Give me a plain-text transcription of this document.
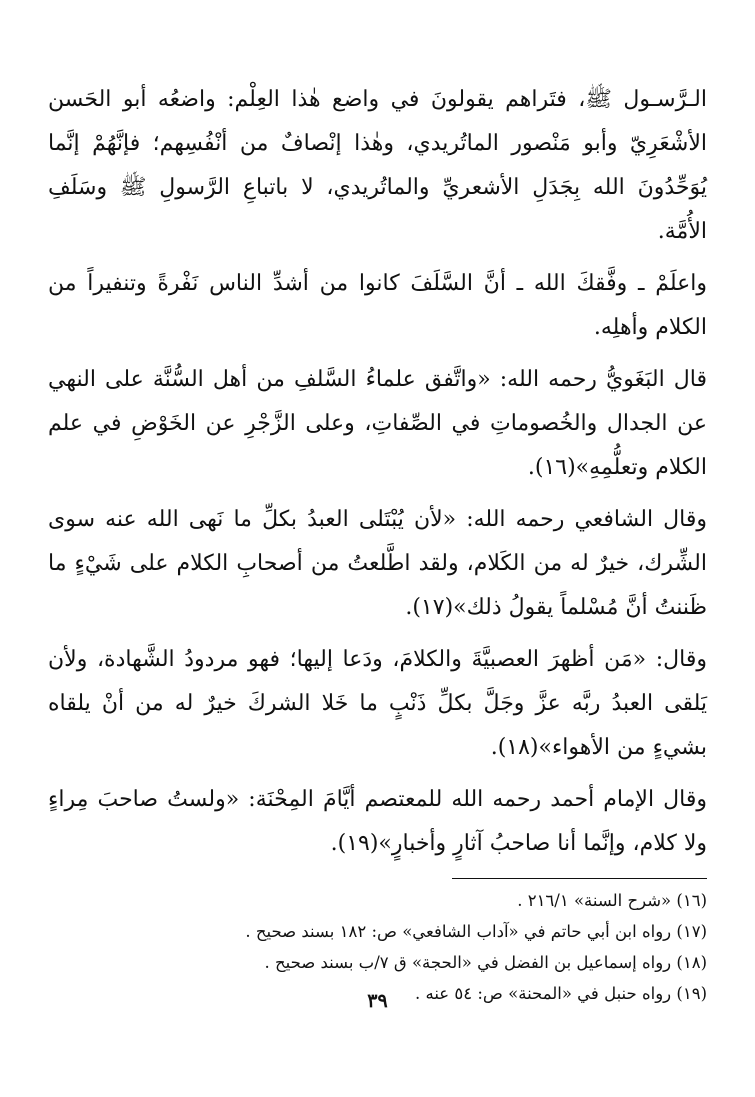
الـرَّسـول ﷺ، فتَراهم يقولونَ في واضع هٰذا العِلْم: واضعُه أبو الحَسن الأشْعَرِيّ وأبو مَنْصور الماتُريدي، وهٰذا إنْصافٌ من أنْفُسِهم؛ فإنَّهُمْ إنَّما يُوَحِّدُونَ الله بِجَدَلِ الأشعريِّ والماتُريدي، لا باتباعِ الرَّسولِ ﷺ وسَلَفِ الأُمَّة.

واعلَمْ ـ وفَّقكَ الله ـ أنَّ السَّلَفَ كانوا من أشدِّ الناس نَفْرةً وتنفيراً من الكلام وأهلِه.

قال البَغَويُّ رحمه الله: «واتَّفق علماءُ السَّلفِ من أهل السُّنَّة على النهي عن الجدال والخُصوماتِ في الصِّفاتِ، وعلى الزَّجْرِ عن الخَوْضِ في علم الكلام وتعلُّمِهِ»(١٦).

وقال الشافعي رحمه الله: «لأن يُبْتَلى العبدُ بكلِّ ما نَهى الله عنه سوى الشِّرك، خيرٌ له من الكَلام، ولقد اطَّلعتُ من أصحابِ الكلام على شَيْءٍ ما ظَننتُ أنَّ مُسْلماً يقولُ ذلك»(١٧).

وقال: «مَن أظهرَ العصبيَّةَ والكلامَ، ودَعا إليها؛ فهو مردودُ الشَّهادة، ولأن يَلقى العبدُ ربَّه عزَّ وجَلَّ بكلِّ ذَنْبٍ ما خَلا الشركَ خيرٌ له من أنْ يلقاه بشيءٍ من الأهواء»(١٨).

وقال الإمام أحمد رحمه الله للمعتصم أيَّامَ المِحْنَة: «ولستُ صاحبَ مِراءٍ ولا كلام، وإنَّما أنا صاحبُ آثارٍ وأخبارٍ»(١٩).

(١٦) «شرح السنة» ٢١٦/١ .

(١٧) رواه ابن أبي حاتم في «آداب الشافعي» ص: ١٨٢ بسند صحيح .

(١٨) رواه إسماعيل بن الفضل في «الحجة» ق ٧/ب بسند صحيح .

(١٩) رواه حنبل في «المحنة» ص: ٥٤ عنه .

٣٩
